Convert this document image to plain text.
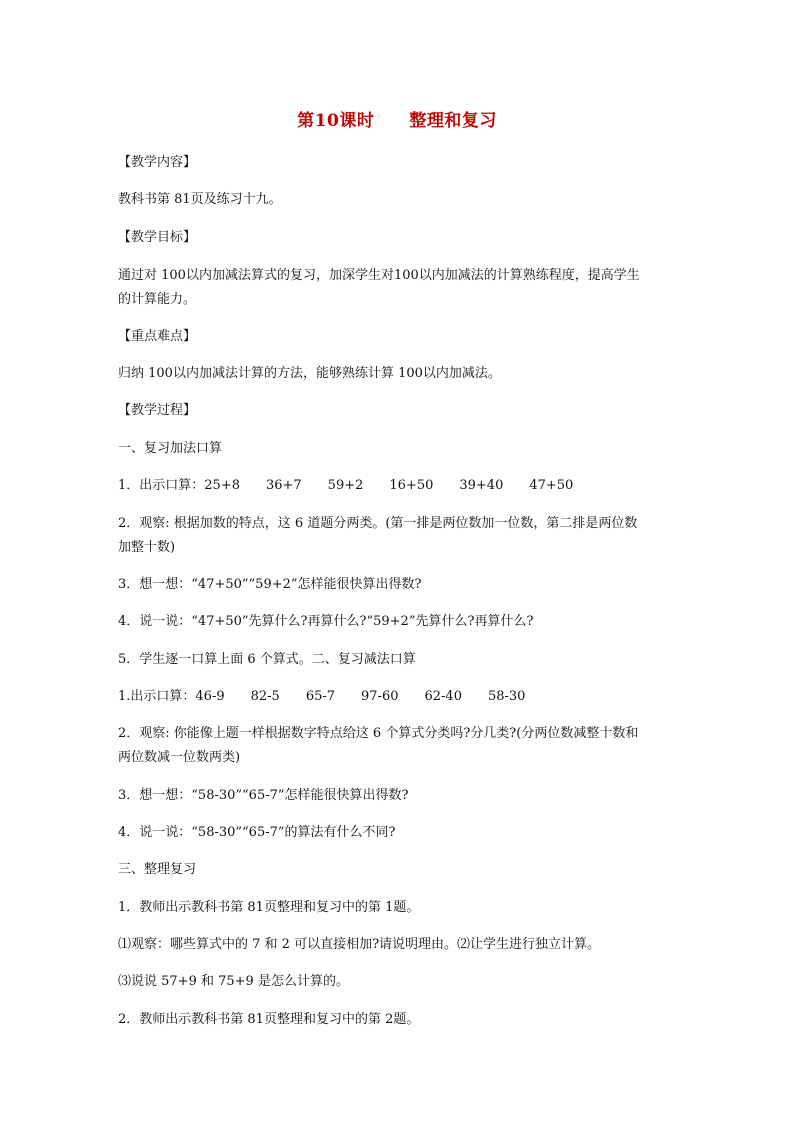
第10课时　　整理和复习
【教学内容】
教科书第 81页及练习十九。
【教学目标】
通过对 100以内加减法算式的复习，加深学生对100以内加减法的计算熟练程度，提高学生
的计算能力。
【重点难点】
归纳 100以内加减法计算的方法，能够熟练计算 100以内加减法。
【教学过程】
一、复习加法口算
1．出示口算：25+8　　36+7　　59+2　　16+50　　39+40　　47+50
2．观察: 根据加数的特点，这 6 道题分两类。(第一排是两位数加一位数，第二排是两位数
加整十数)
3．想一想：“47+50”“59+2”怎样能很快算出得数?
4．说一说：“47+50”先算什么?再算什么?“59+2”先算什么?再算什么?
5．学生逐一口算上面 6 个算式。二、复习减法口算
1.出示口算：46-9　　82-5　　65-7　　97-60　　62-40　　58-30
2．观察: 你能像上题一样根据数字特点给这 6 个算式分类吗?分几类?(分两位数减整十数和
两位数减一位数两类)
3．想一想：“58-30”“65-7”怎样能很快算出得数?
4．说一说：“58-30”“65-7”的算法有什么不同?
三、整理复习
1．教师出示教科书第 81页整理和复习中的第 1题。
⑴观察：哪些算式中的 7 和 2 可以直接相加?请说明理由。⑵让学生进行独立计算。
⑶说说 57+9 和 75+9 是怎么计算的。
2．教师出示教科书第 81页整理和复习中的第 2题。
